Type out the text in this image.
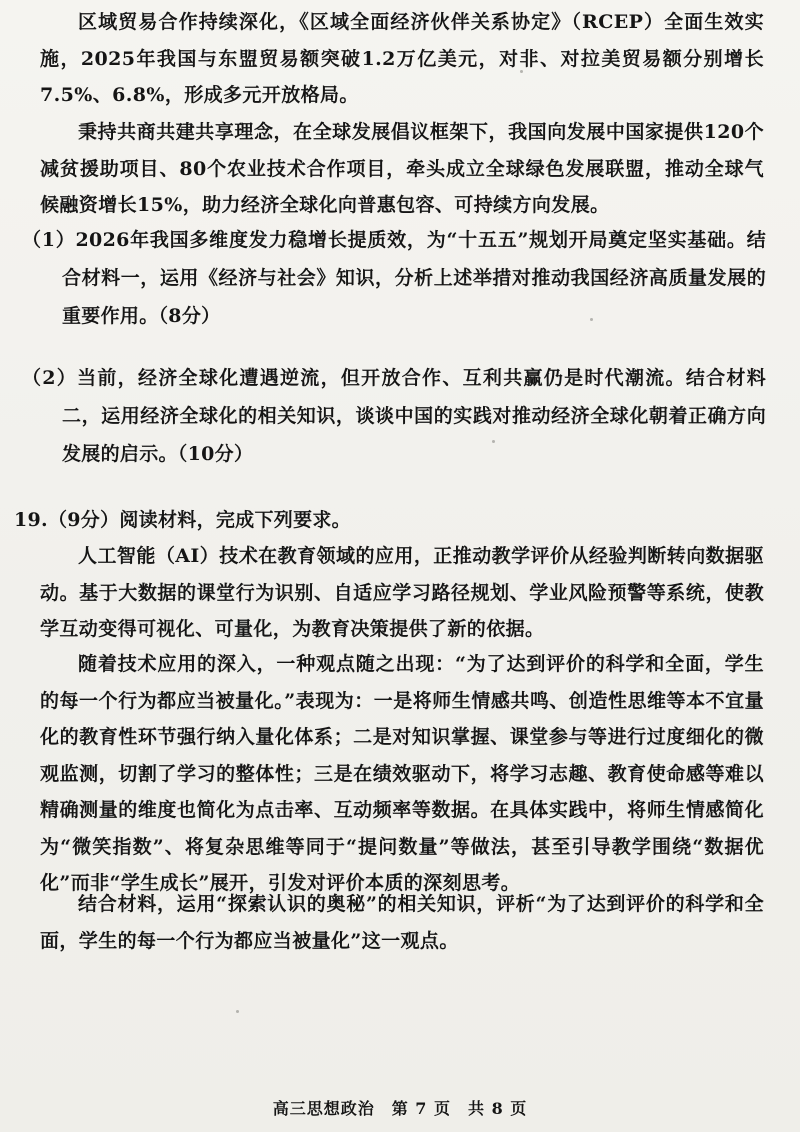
区域贸易合作持续深化，《区域全面经济伙伴关系协定》（RCEP）全面生效实施，2025年我国与东盟贸易额突破1.2万亿美元，对非、对拉美贸易额分别增长7.5%、6.8%，形成多元开放格局。

秉持共商共建共享理念，在全球发展倡议框架下，我国向发展中国家提供120个减贫援助项目、80个农业技术合作项目，牵头成立全球绿色发展联盟，推动全球气候融资增长15%，助力经济全球化向普惠包容、可持续方向发展。

（1）2026年我国多维度发力稳增长提质效，为“十五五”规划开局奠定坚实基础。结合材料一，运用《经济与社会》知识，分析上述举措对推动我国经济高质量发展的重要作用。（8分）

（2）当前，经济全球化遭遇逆流，但开放合作、互利共赢仍是时代潮流。结合材料二，运用经济全球化的相关知识，谈谈中国的实践对推动经济全球化朝着正确方向发展的启示。（10分）

19.（9分）阅读材料，完成下列要求。

人工智能（AI）技术在教育领域的应用，正推动教学评价从经验判断转向数据驱动。基于大数据的课堂行为识别、自适应学习路径规划、学业风险预警等系统，使教学互动变得可视化、可量化，为教育决策提供了新的依据。

随着技术应用的深入，一种观点随之出现：“为了达到评价的科学和全面，学生的每一个行为都应当被量化。”表现为：一是将师生情感共鸣、创造性思维等本不宜量化的教育性环节强行纳入量化体系；二是对知识掌握、课堂参与等进行过度细化的微观监测，切割了学习的整体性；三是在绩效驱动下，将学习志趣、教育使命感等难以精确测量的维度也简化为点击率、互动频率等数据。在具体实践中，将师生情感简化为“微笑指数”、将复杂思维等同于“提问数量”等做法，甚至引导教学围绕“数据优化”而非“学生成长”展开，引发对评价本质的深刻思考。

结合材料，运用“探索认识的奥秘”的相关知识，评析“为了达到评价的科学和全面，学生的每一个行为都应当被量化”这一观点。

高三思想政治　第 7 页　共 8 页
